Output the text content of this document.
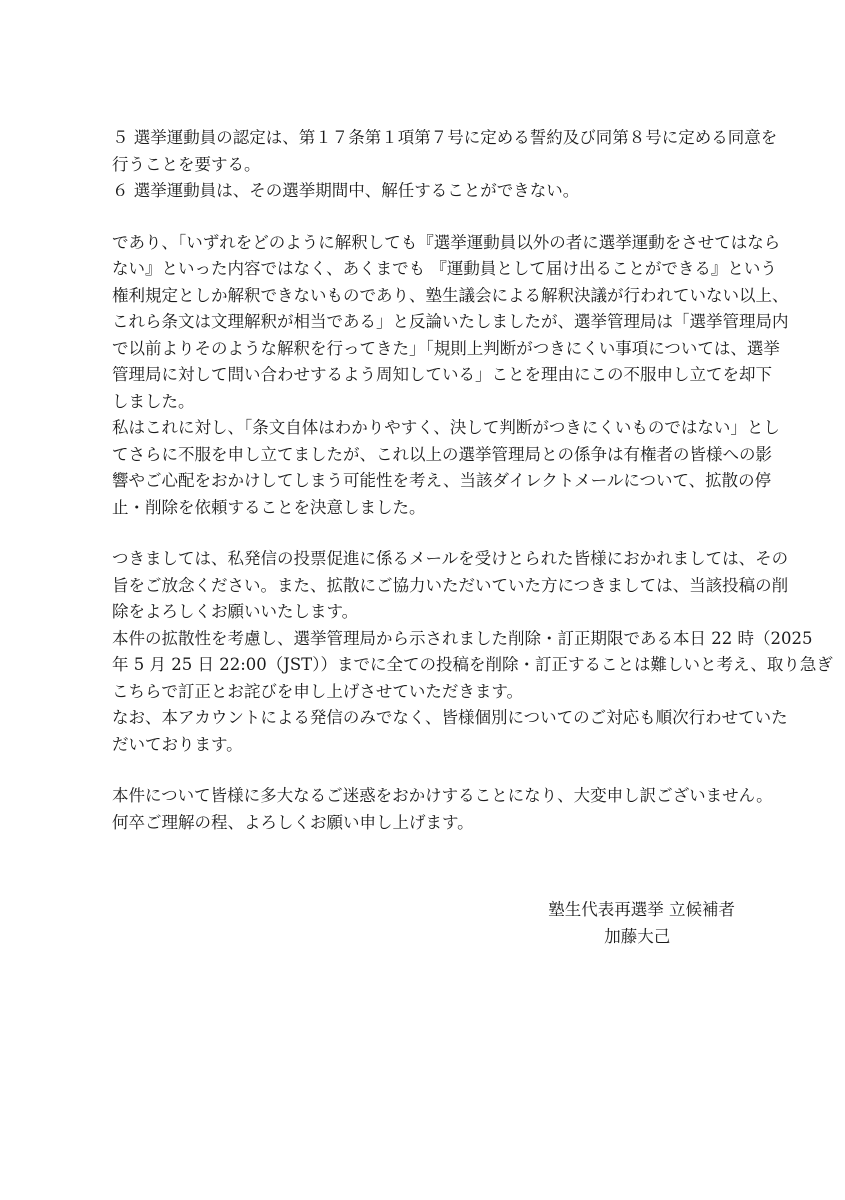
５ 選挙運動員の認定は、第１７条第１項第７号に定める誓約及び同第８号に定める同意を
行うことを要する。
６ 選挙運動員は、その選挙期間中、解任することができない。
であり、「いずれをどのように解釈しても『選挙運動員以外の者に選挙運動をさせてはなら
ない』といった内容ではなく、あくまでも 『運動員として届け出ることができる』という
権利規定としか解釈できないものであり、塾生議会による解釈決議が行われていない以上、
これら条文は文理解釈が相当である」と反論いたしましたが、選挙管理局は「選挙管理局内
で以前よりそのような解釈を行ってきた」「規則上判断がつきにくい事項については、選挙
管理局に対して問い合わせするよう周知している」ことを理由にこの不服申し立てを却下
しました。
私はこれに対し、「条文自体はわかりやすく、決して判断がつきにくいものではない」とし
てさらに不服を申し立てましたが、これ以上の選挙管理局との係争は有権者の皆様への影
響やご心配をおかけしてしまう可能性を考え、当該ダイレクトメールについて、拡散の停
止・削除を依頼することを決意しました。
つきましては、私発信の投票促進に係るメールを受けとられた皆様におかれましては、その
旨をご放念ください。また、拡散にご協力いただいていた方につきましては、当該投稿の削
除をよろしくお願いいたします。
本件の拡散性を考慮し、選挙管理局から示されました削除・訂正期限である本日 22 時（2025
年 5 月 25 日 22:00（JST））までに全ての投稿を削除・訂正することは難しいと考え、取り急ぎ
こちらで訂正とお詫びを申し上げさせていただきます。
なお、本アカウントによる発信のみでなく、皆様個別についてのご対応も順次行わせていた
だいております。
本件について皆様に多大なるご迷惑をおかけすることになり、大変申し訳ございません。
何卒ご理解の程、よろしくお願い申し上げます。
塾生代表再選挙 立候補者
加藤大己
